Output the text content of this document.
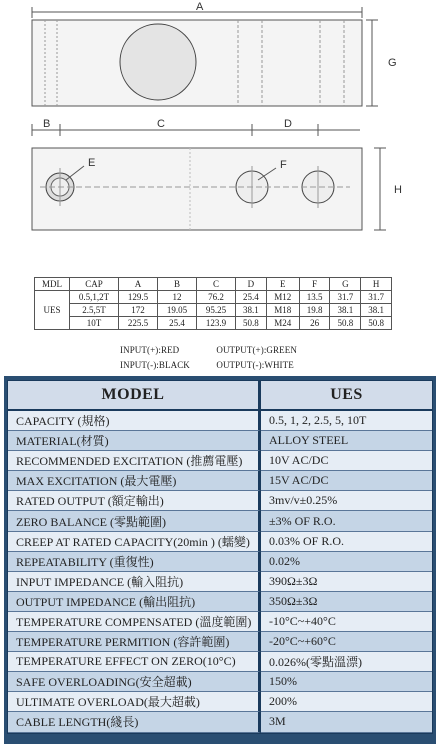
A
G
B	C	D
E	F
H
MDL	CAP	A	B	C	D	E	F	G	H
UES	0.5,1,2T	129.5	12	76.2	25.4	M12	13.5	31.7	31.7
	2.5,5T	172	19.05	95.25	38.1	M18	19.8	38.1	38.1
	10T	225.5	25.4	123.9	50.8	M24	26	50.8	50.8
INPUT(+):RED	OUTPUT(+):GREEN
INPUT(-):BLACK	OUTPUT(-):WHITE
MODEL	UES
CAPACITY (規格)	0.5, 1, 2, 2.5, 5, 10T
MATERIAL(材質)	ALLOY STEEL
RECOMMENDED EXCITATION (推薦電壓)	10V AC/DC
MAX EXCITATION (最大電壓)	15V AC/DC
RATED OUTPUT (額定輸出)	3mv/v±0.25%
ZERO BALANCE (零點範圍)	±3% OF R.O.
CREEP AT RATED CAPACITY(20min ) (蠕變)	0.03% OF R.O.
REPEATABILITY (重復性)	0.02%
INPUT IMPEDANCE (輸入阻抗)	390Ω±3Ω
OUTPUT IMPEDANCE (輸出阻抗)	350Ω±3Ω
TEMPERATURE COMPENSATED (溫度範圍)	-10°C~+40°C
TEMPERATURE PERMITION (容許範圍)	-20°C~+60°C
TEMPERATURE EFFECT ON ZERO(10°C)	0.026%(零點溫漂)
SAFE OVERLOADING(安全超載)	150%
ULTIMATE OVERLOAD(最大超載)	200%
CABLE LENGTH(綫長)	3M
